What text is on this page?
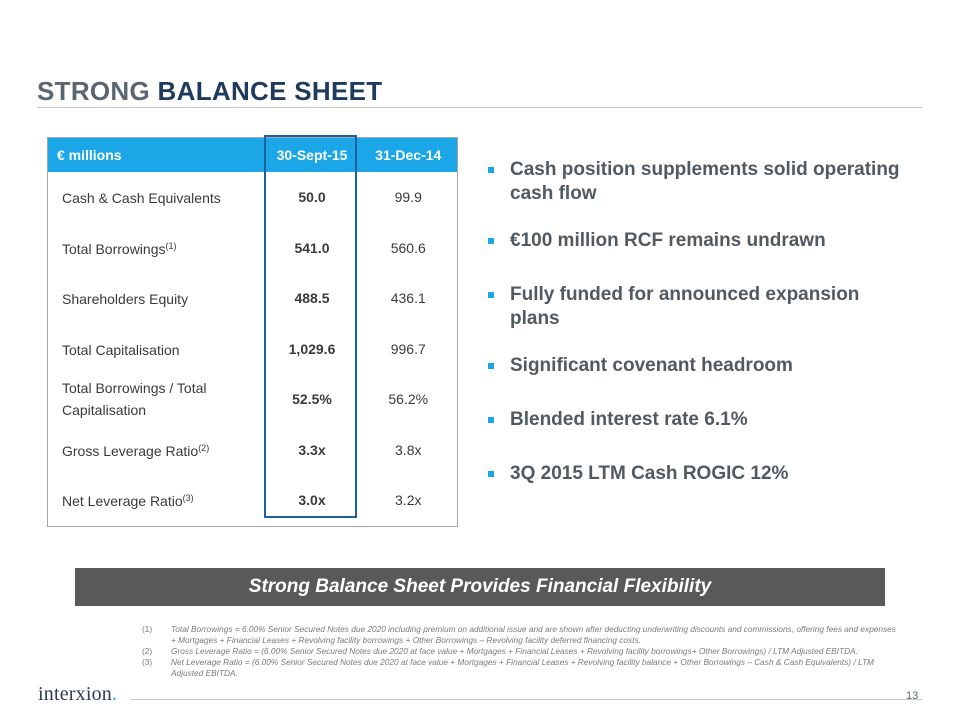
STRONG BALANCE SHEET
€ millions	30-Sept-15	31-Dec-14
Cash & Cash Equivalents	50.0	99.9
Total Borrowings$^{(1)}$	541.0	560.6
Shareholders Equity	488.5	436.1
Total Capitalisation	1,029.6	996.7
Total Borrowings / Total Capitalisation	52.5%	56.2%
Gross Leverage Ratio$^{(2)}$	3.3x	3.8x
Net Leverage Ratio$^{(3)}$	3.0x	3.2x
Cash position supplements solid operating cash flow
€100 million RCF remains undrawn
Fully funded for announced expansion plans
Significant covenant headroom
Blended interest rate 6.1%
3Q 2015 LTM Cash ROGIC 12%
Strong Balance Sheet Provides Financial Flexibility
(1) Total Borrowings = 6.00% Senior Secured Notes due 2020 including premium on additional issue and are shown after deducting underwriting discounts and commissions, offering fees and expenses + Mortgages + Financial Leases + Revolving facility borrowings + Other Borrowings – Revolving facility deferred financing costs.
(2) Gross Leverage Ratio = (6.00% Senior Secured Notes due 2020 at face value + Mortgages + Financial Leases + Revolving facility borrowings+ Other Borrowings) / LTM Adjusted EBITDA.
(3) Net Leverage Ratio = (6.00% Senior Secured Notes due 2020 at face value + Mortgages + Financial Leases + Revolving facility balance + Other Borrowings – Cash & Cash Equivalents) / LTM Adjusted EBITDA.
interxion.	13
